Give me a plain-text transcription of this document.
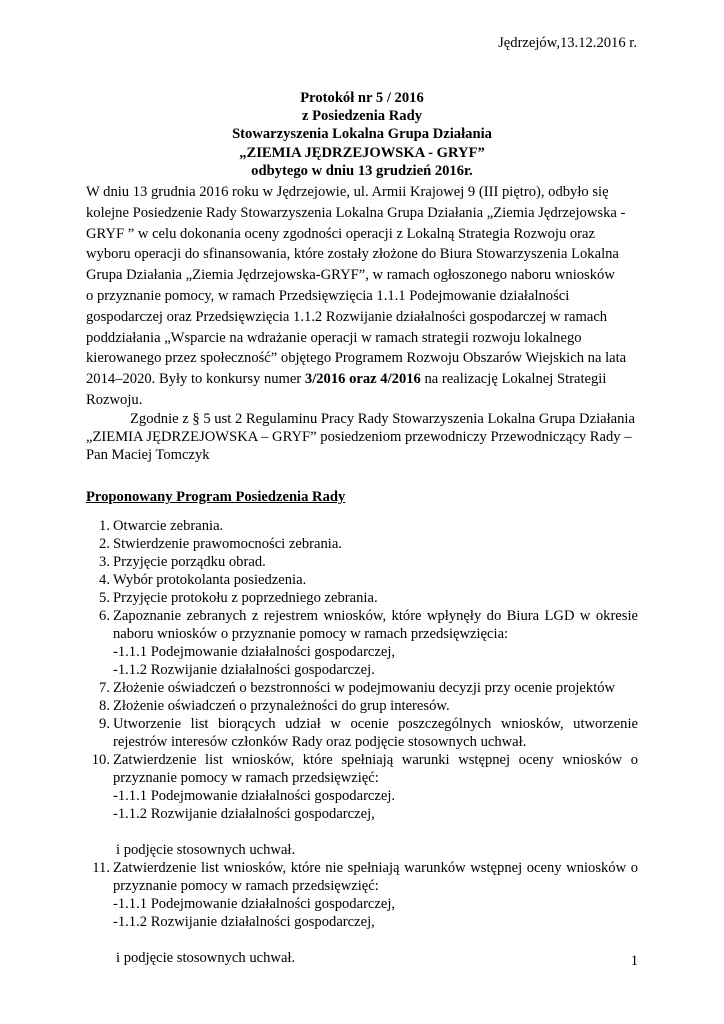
Jędrzejów,13.12.2016 r.
Protokół nr 5 / 2016
z Posiedzenia Rady
Stowarzyszenia Lokalna Grupa Działania
„ZIEMIA JĘDRZEJOWSKA - GRYF”
odbytego w dniu 13 grudzień 2016r.
W dniu 13 grudnia 2016 roku w Jędrzejowie, ul. Armii Krajowej 9 (III piętro), odbyło się
kolejne Posiedzenie Rady Stowarzyszenia Lokalna Grupa Działania „Ziemia Jędrzejowska -
GRYF ” w celu dokonania oceny zgodności operacji z Lokalną Strategia Rozwoju oraz
wyboru operacji do sfinansowania, które zostały złożone do Biura Stowarzyszenia Lokalna
Grupa Działania „Ziemia Jędrzejowska-GRYF”, w ramach ogłoszonego naboru wniosków
o przyznanie pomocy, w ramach Przedsięwzięcia 1.1.1 Podejmowanie działalności
gospodarczej oraz Przedsięwzięcia 1.1.2 Rozwijanie działalności gospodarczej w ramach
poddziałania „Wsparcie na wdrażanie operacji w ramach strategii rozwoju lokalnego
kierowanego przez społeczność” objętego Programem Rozwoju Obszarów Wiejskich na lata
2014–2020. Były to konkursy numer 3/2016 oraz 4/2016 na realizację Lokalnej Strategii
Rozwoju.
Zgodnie z § 5 ust 2 Regulaminu Pracy Rady Stowarzyszenia Lokalna Grupa Działania
„ZIEMIA JĘDRZEJOWSKA – GRYF” posiedzeniom przewodniczy Przewodniczący Rady –
Pan Maciej Tomczyk
Proponowany Program Posiedzenia Rady
1. Otwarcie zebrania.
2. Stwierdzenie prawomocności zebrania.
3. Przyjęcie porządku obrad.
4. Wybór protokolanta posiedzenia.
5. Przyjęcie protokołu z poprzedniego zebrania.
6. Zapoznanie zebranych z rejestrem wniosków, które wpłynęły do Biura LGD w okresie naboru wniosków o przyznanie pomocy w ramach przedsięwzięcia:
-1.1.1 Podejmowanie działalności gospodarczej,
-1.1.2 Rozwijanie działalności gospodarczej.
7. Złożenie oświadczeń o bezstronności w podejmowaniu decyzji przy ocenie projektów
8. Złożenie oświadczeń o przynależności do grup interesów.
9. Utworzenie list biorących udział w ocenie poszczególnych wniosków, utworzenie rejestrów interesów członków Rady oraz podjęcie stosownych uchwał.
10. Zatwierdzenie list wniosków, które spełniają warunki wstępnej oceny wniosków o przyznanie pomocy w ramach przedsięwzięć:
-1.1.1 Podejmowanie działalności gospodarczej.
-1.1.2 Rozwijanie działalności gospodarczej,
i podjęcie stosownych uchwał.
11. Zatwierdzenie list wniosków, które nie spełniają warunków wstępnej oceny wniosków o przyznanie pomocy w ramach przedsięwzięć:
-1.1.1 Podejmowanie działalności gospodarczej,
-1.1.2 Rozwijanie działalności gospodarczej,
i podjęcie stosownych uchwał.	1
